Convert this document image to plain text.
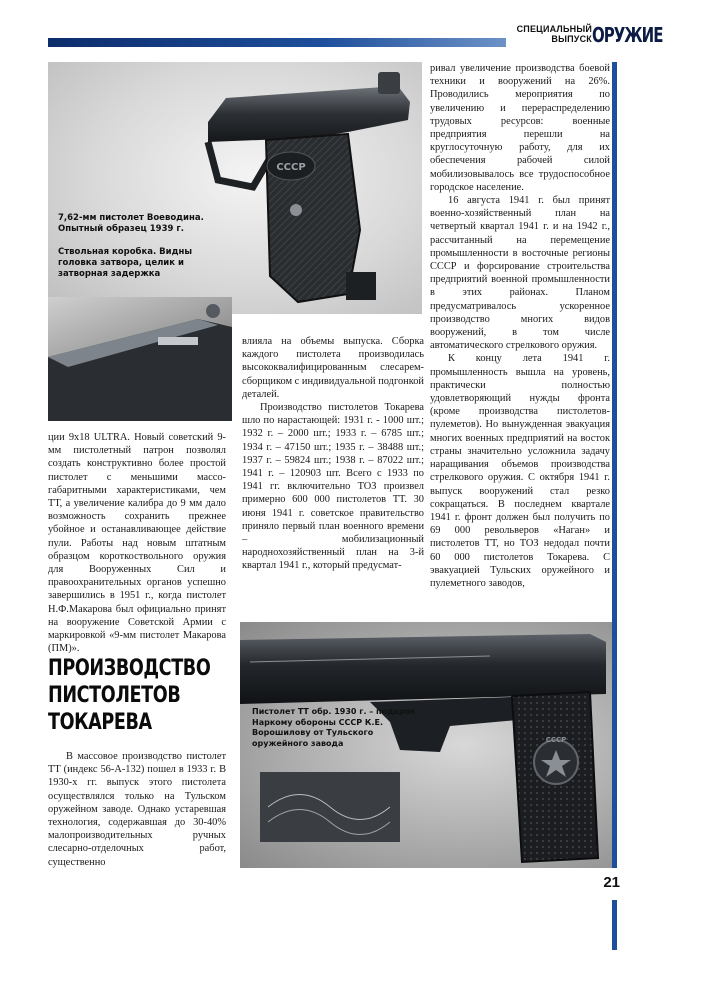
СПЕЦИАЛЬНЫЙ ВЫПУСК ОРУЖИЕ
СССР
7,62-мм пистолет Воеводина. Опытный образец 1939 г.
Ствольная коробка. Видны головка затвора, целик и затворная задержка

ции 9х18 ULTRA. Новый советский 9-мм пистолетный патрон позволял создать конструктивно более простой пистолет с меньшими массо-габаритными характеристиками, чем ТТ, а увеличение калибра до 9 мм дало возможность сохранить прежнее убойное и останавливающее действие пули. Работы над новым штатным образцом короткоствольного оружия для Вооруженных Сил и правоохранительных органов успешно завершились в 1951 г., когда пистолет Н.Ф.Макарова был официально принят на вооружение Советской Армии с маркировкой «9-мм пистолет Макарова (ПМ)».

ПРОИЗВОДСТВО ПИСТОЛЕТОВ ТОКАРЕВА

В массовое производство пистолет ТТ (индекс 56-А-132) пошел в 1933 г. В 1930-х гг. выпуск этого пистолета осуществлялся только на Тульском оружейном заводе. Однако устаревшая технология, содержавшая до 30-40% малопроизводительных ручных слесарно-отделочных работ, существенно

влияла на объемы выпуска. Сборка каждого пистолета производилась высококвалифицированным слесарем-сборщиком с индивидуальной подгонкой деталей.

Производство пистолетов Токарева шло по нарастающей: 1931 г. - 1000 шт.; 1932 г. – 2000 шт.; 1933 г. – 6785 шт.; 1934 г. – 47150 шт.; 1935 г. – 38488 шт.; 1937 г. – 59824 шт.; 1938 г. – 87022 шт.; 1941 г. – 120903 шт. Всего с 1933 по 1941 гг. включительно ТОЗ произвел примерно 600 000 пистолетов ТТ. 30 июня 1941 г. советское правительство приняло первый план военного времени – мобилизационный народнохозяйственный план на 3-й квартал 1941 г., который предусмат-

ривал увеличение производства боевой техники и вооружений на 26%. Проводились мероприятия по увеличению и перераспределению трудовых ресурсов: военные предприятия перешли на круглосуточную работу, для их обеспечения рабочей силой мобилизовывалось все трудоспособное городское население.

16 августа 1941 г. был принят военно-хозяйственный план на четвертый квартал 1941 г. и на 1942 г., рассчитанный на перемещение промышленности в восточные регионы СССР и форсирование строительства предприятий военной промышленности в этих районах. Планом предусматривалось ускоренное производство многих видов вооружений, в том числе автоматического стрелкового оружия.

К концу лета 1941 г. промышленность вышла на уровень, практически полностью удовлетворяющий нужды фронта (кроме производства пистолетов-пулеметов). Но вынужденная эвакуация многих военных предприятий на восток страны значительно усложнила задачу наращивания объемов производства стрелкового оружия. С октября 1941 г. выпуск вооружений стал резко сокращаться. В последнем квартале 1941 г. фронт должен был получить по 69 000 револьверов «Наган» и пистолетов ТТ, но ТОЗ недодал почти 60 000 пистолетов Токарева. С эвакуацией Тульских оружейного и пулеметного заводов,

СССР
Пистолет ТТ обр. 1930 г. – подарок Наркому обороны СССР К.Е. Ворошилову от Тульского оружейного завода
21
